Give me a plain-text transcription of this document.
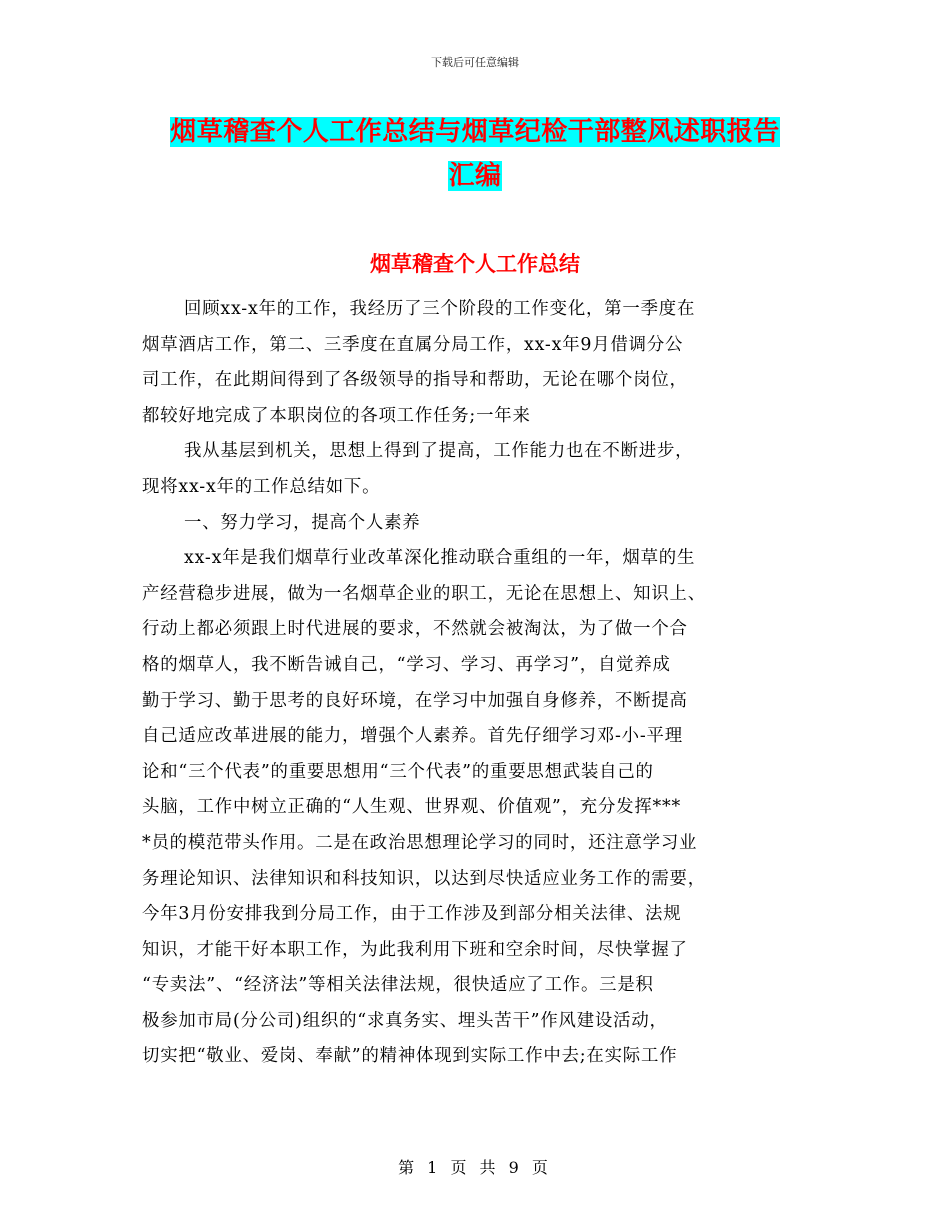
下载后可任意编辑
烟草稽查个人工作总结与烟草纪检干部整风述职报告
汇编
烟草稽查个人工作总结
回顾xx-x年的工作，我经历了三个阶段的工作变化，第一季度在
烟草酒店工作，第二、三季度在直属分局工作，xx-x年9月借调分公
司工作，在此期间得到了各级领导的指导和帮助，无论在哪个岗位，
都较好地完成了本职岗位的各项工作任务;一年来
我从基层到机关，思想上得到了提高，工作能力也在不断进步，
现将xx-x年的工作总结如下。
一、努力学习，提高个人素养
xx-x年是我们烟草行业改革深化推动联合重组的一年，烟草的生
产经营稳步进展，做为一名烟草企业的职工，无论在思想上、知识上、
行动上都必须跟上时代进展的要求，不然就会被淘汰，为了做一个合
格的烟草人，我不断告诫自己，“学习、学习、再学习”，自觉养成
勤于学习、勤于思考的良好环境，在学习中加强自身修养，不断提高
自己适应改革进展的能力，增强个人素养。首先仔细学习邓-小-平理
论和“三个代表”的重要思想用“三个代表”的重要思想武装自己的
头脑，工作中树立正确的“人生观、世界观、价值观”，充分发挥***
*员的模范带头作用。二是在政治思想理论学习的同时，还注意学习业
务理论知识、法律知识和科技知识，以达到尽快适应业务工作的需要，
今年3月份安排我到分局工作，由于工作涉及到部分相关法律、法规
知识，才能干好本职工作，为此我利用下班和空余时间，尽快掌握了
“专卖法”、“经济法”等相关法律法规，很快适应了工作。三是积
极参加市局(分公司)组织的“求真务实、埋头苦干”作风建设活动，
切实把“敬业、爱岗、奉献”的精神体现到实际工作中去;在实际工作
第 1 页 共 9 页
